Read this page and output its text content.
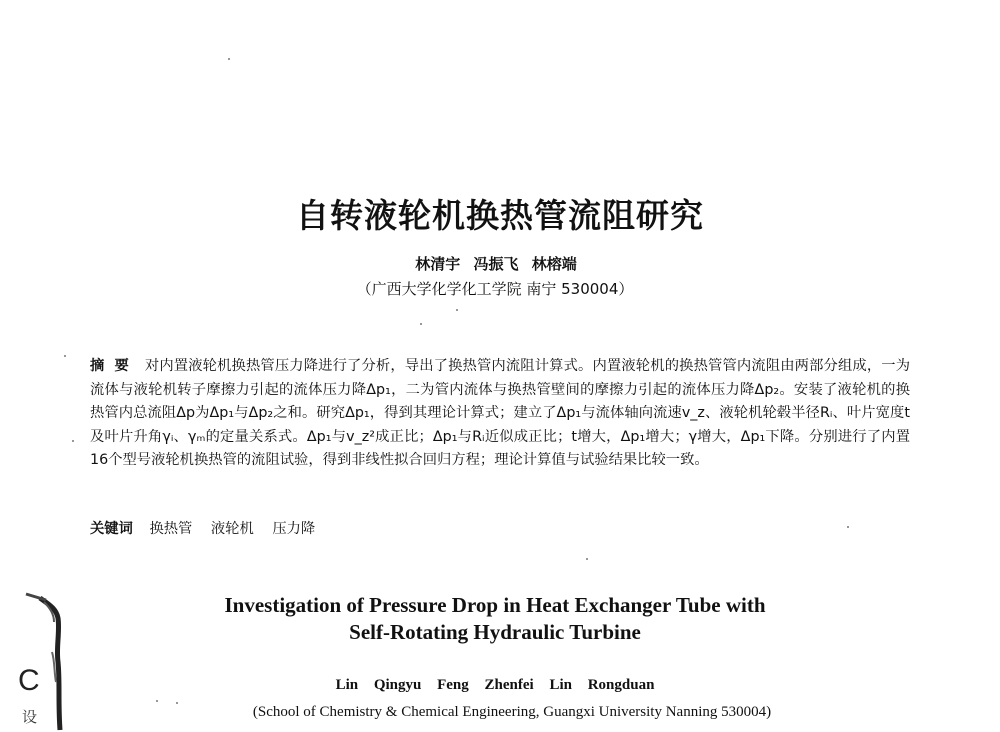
自转液轮机换热管流阻研究
林清宇 冯振飞 林榕端
（广西大学化学化工学院 南宁 530004）
摘要 对内置液轮机换热管压力降进行了分析，导出了换热管内流阻计算式。内置液轮机的换热管管内流阻由两部分组成，一为流体与液轮机转子摩擦力引起的流体压力降Δp₁，二为管内流体与换热管壁间的摩擦力引起的流体压力降Δp₂。安装了液轮机的换热管内总流阻Δp为Δp₁与Δp₂之和。研究Δp₁，得到其理论计算式；建立了Δp₁与流体轴向流速v_z、液轮机轮毂半径Rᵢ、叶片宽度t及叶片升角γᵢ、γₘ的定量关系式。Δp₁与v_z²成正比；Δp₁与Rᵢ近似成正比；t增大，Δp₁增大；γ增大，Δp₁下降。分别进行了内置16个型号液轮机换热管的流阻试验，得到非线性拟合回归方程；理论计算值与试验结果比较一致。
关键词 换热管 液轮机 压力降
Investigation of Pressure Drop in Heat Exchanger Tube with
Self-Rotating Hydraulic Turbine
Lin Qingyu Feng Zhenfei Lin Rongduan
(School of Chemistry & Chemical Engineering, Guangxi University Nanning 530004)
C
设
